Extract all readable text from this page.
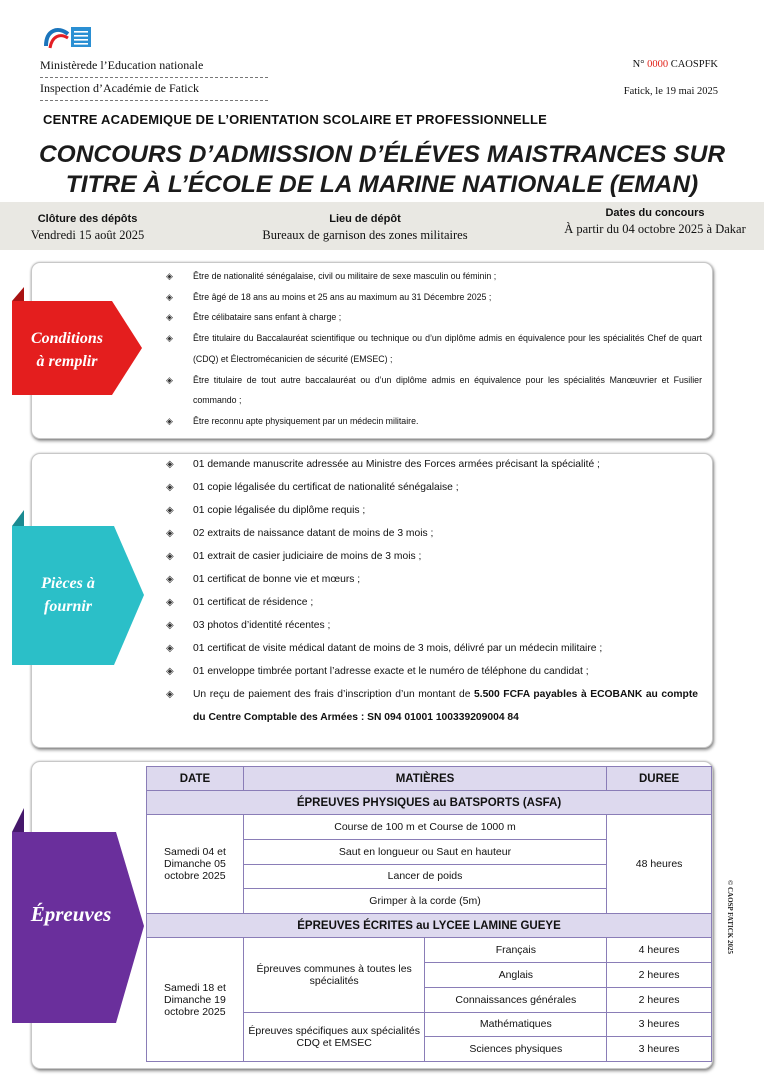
Ministèrede l’Education nationale
Inspection d’Académie de Fatick
N° 0000 CAOSPFK
Fatick, le 19 mai 2025
CENTRE ACADEMIQUE DE L’ORIENTATION SCOLAIRE ET PROFESSIONNELLE
CONCOURS D’ADMISSION D’ÉLÉVES MAISTRANCES SUR
TITRE À L’ÉCOLE DE LA MARINE NATIONALE (EMAN)
Clôture des dépôts
Vendredi 15 août 2025
Lieu de dépôt
Bureaux de garnison des zones militaires
Dates du concours
À partir du 04 octobre 2025 à Dakar
Conditions
à remplir
Pièces à
fournir
Épreuves
◈ Être de nationalité sénégalaise, civil ou militaire de sexe masculin ou féminin ;
◈ Être âgé de 18 ans au moins et 25 ans au maximum au 31 Décembre 2025 ;
◈ Être célibataire sans enfant à charge ;
◈ Être titulaire du Baccalauréat scientifique ou technique ou d’un diplôme admis en équivalence pour les spécialités Chef de quart (CDQ) et Électromécanicien de sécurité (EMSEC) ;
◈ Être titulaire de tout autre baccalauréat ou d’un diplôme admis en équivalence pour les spécialités Manœuvrier et Fusilier commando ;
◈ Être reconnu apte physiquement par un médecin militaire.
◈ 01 demande manuscrite adressée au Ministre des Forces armées précisant la spécialité ;
◈ 01 copie légalisée du certificat de nationalité sénégalaise ;
◈ 01 copie légalisée du diplôme requis ;
◈ 02 extraits de naissance datant de moins de 3 mois ;
◈ 01 extrait de casier judiciaire de moins de 3 mois ;
◈ 01 certificat de bonne vie et mœurs ;
◈ 01 certificat de résidence ;
◈ 03 photos d’identité récentes ;
◈ 01 certificat de visite médical datant de moins de 3 mois, délivré par un médecin militaire ;
◈ 01 enveloppe timbrée portant l’adresse exacte et le numéro de téléphone du candidat ;
◈ Un reçu de paiement des frais d’inscription d’un montant de 5.500 FCFA payables à ECOBANK au compte du Centre Comptable des Armées : SN 094 01001 100339209004 84
DATE	MATIÈRES		DUREE
ÉPREUVES PHYSIQUES au BATSPORTS (ASFA)			
Samedi 04 et Dimanche 05 octobre 2025	Course de 100 m et Course de 1000 m		48 heures
	Saut en longueur ou Saut en hauteur		
	Lancer de poids		
	Grimper à la corde (5m)		
ÉPREUVES ÉCRITES au LYCEE LAMINE GUEYE			
Samedi 18 et Dimanche 19 octobre 2025	Épreuves communes à toutes les spécialités	Français	4 heures
		Anglais	2 heures
		Connaissances générales	2 heures
	Épreuves spécifiques aux spécialités CDQ et EMSEC	Mathématiques	3 heures
		Sciences physiques	3 heures
© CAOSP FATICK 2025
